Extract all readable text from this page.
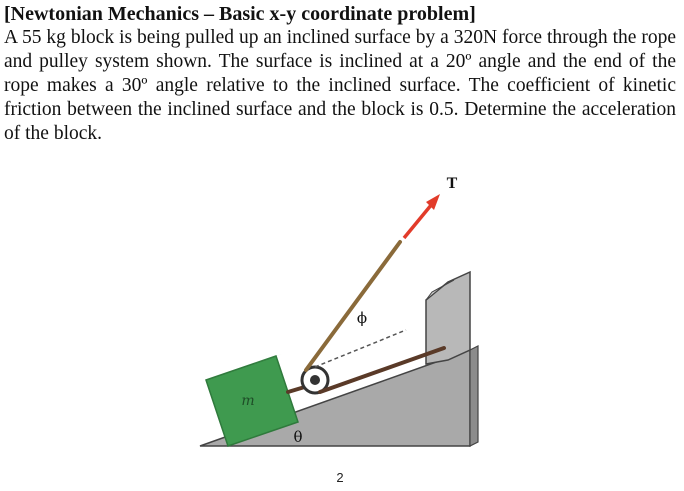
[Newtonian Mechanics – Basic x-y coordinate problem]

A 55 kg block is being pulled up an inclined surface by a 320N force through the rope and pulley system shown. The surface is inclined at a 20º angle and the end of the rope makes a 30º angle relative to the inclined surface. The coefficient of kinetic friction between the inclined surface and the block is 0.5. Determine the acceleration of the block.

m
T
ϕ
θ
2
